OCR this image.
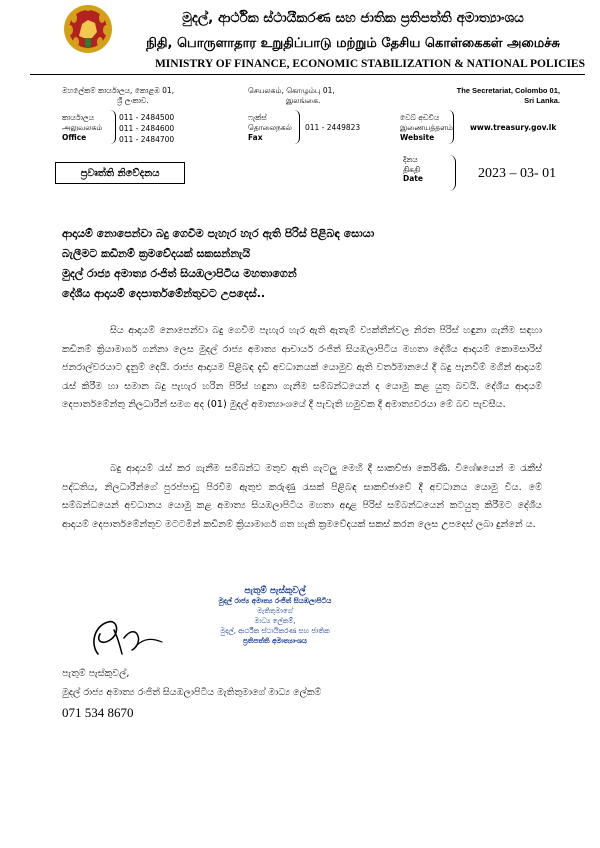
මුදල්, ආර්ථික ස්ථායීකරණ සහ ජාතික ප්‍රතිපත්ති අමාත්‍යාංශය
நிதி, பொருளாதார உறுதிப்பாடு மற்றும் தேசிய கொள்கைகள் அமைச்சு
MINISTRY OF FINANCE, ECONOMIC STABILIZATION & NATIONAL POLICIES
මහලේකම් කාර්යාලය, කොළඹ 01,
ශ්‍රී ලංකාව.
செயலகம், கொழும்பு 01,
இலங்கை.
The Secretariat, Colombo 01,
Sri Lanka.
කාර්යාලය
அலுவலகம்
Office
011 - 2484500
011 - 2484600
011 - 2484700
ෆැක්ස්
தொலைநகல்
Fax
011 - 2449823
වෙබ් අඩවිය
இணையத்தளம்
Website
www.treasury.gov.lk
ප්‍රවෘත්ති නිවේදනය
දිනය
திகதி
Date	2023 – 03- 01
ආදායම් නොපෙන්වා බදු ගෙවීම පැහැර හැර ඇති පිරිස් පිළිබඳ සොයා
බැලීමට කඩිනම් ක්‍රමවේදයක් සකසන්නැයි
මුදල් රාජ්‍ය අමාත්‍ය රංජිත් සියඹලාපිටිය මහතාගෙන්
දේශීය ආදායම් දෙපාර්තමේන්තුවට උපදෙස්..
සිය ආදායම් නොපෙන්වා බදු ගෙවීම පැහැර හැර ඇති ඇතැම් ව්‍යක්තීන්වල නිරත පිරිස් හඳුනා ගැනීම සඳහා කඩිනම් ක්‍රියාමාර්ග ගන්නා ලෙස මුදල් රාජ්‍ය අමාත්‍ය ආචාර්ය රංජිත් සියඹලාපිටිය මහතා දේශීය ආදායම් කොමසාරිස් ජනරාල්වරයාට දැනුම් දෙයි. රාජ්‍ය ආදායම පිළිබඳ දැඩි අවධානයක් යොමුව ඇති වර්තමානයේ දී බදු පැනවීම් මගින් ආදායම් රැස් කිරීම හා සමාන බදු පැහැර හරින පිරිස් හඳුනා ගැනීම සම්බන්ධයෙන් ද යොමු කළ යුතු බවයි. දේශීය ආදායම් දෙපාර්තමේන්තු නිලධාරීන් සමග අද (01) මුදල් අමාත්‍යාංශයේ දී පැවැති හමුවක දී අමාත්‍යවරයා මේ බව පැවසීය.
බදු ආදායම් රැස් කර ගැනීම සම්බන්ධ මතුව ඇති ගැටලු මෙහි දී සාකච්ඡා කෙරිණි. විශේෂයෙන් ම රැකීස් පද්ධතිය, නිලධාරීන්ගේ පුරප්පාඩු පිරවීම ඇතුළු කරුණු රැසක් පිළිබඳ සාකච්ඡාවේ දී අවධානය යොමු විය. මේ සම්බන්ධයෙන් අවධානය යොමු කළ අමාත්‍ය සියඹලාපිටිය මහතා අදාළ පිරිස් සම්බන්ධයෙන් කටයුතු කිරීමට දේශීය ආදායම් දෙපාර්තමේන්තුව මටටමින් කඩිනම් ක්‍රියාමාර්ග ගත හැකි ක්‍රමවේදයක් සකස් කරන ලෙස උපදෙස් ලබා දුන්නේ ය.
පැතුම් පැස්කුවල්
මුදල් රාජ්‍ය අමාත්‍ය රංජිත් සියඹලාපිටිය
මැතිතුමාගේ
මාධ්‍ය ලේකම්,
මුදල්, ආර්ථික ස්ථායීකරණ සහ ජාතික
ප්‍රතිපත්ති අමාත්‍යාංශය
පැතුම් පැස්කුවල්,
මුදල් රාජ්‍ය අමාත්‍ය රංජිත් සියඹලාපිටිය මැතිතුමාගේ මාධ්‍ය ලේකම්
071 534 8670
